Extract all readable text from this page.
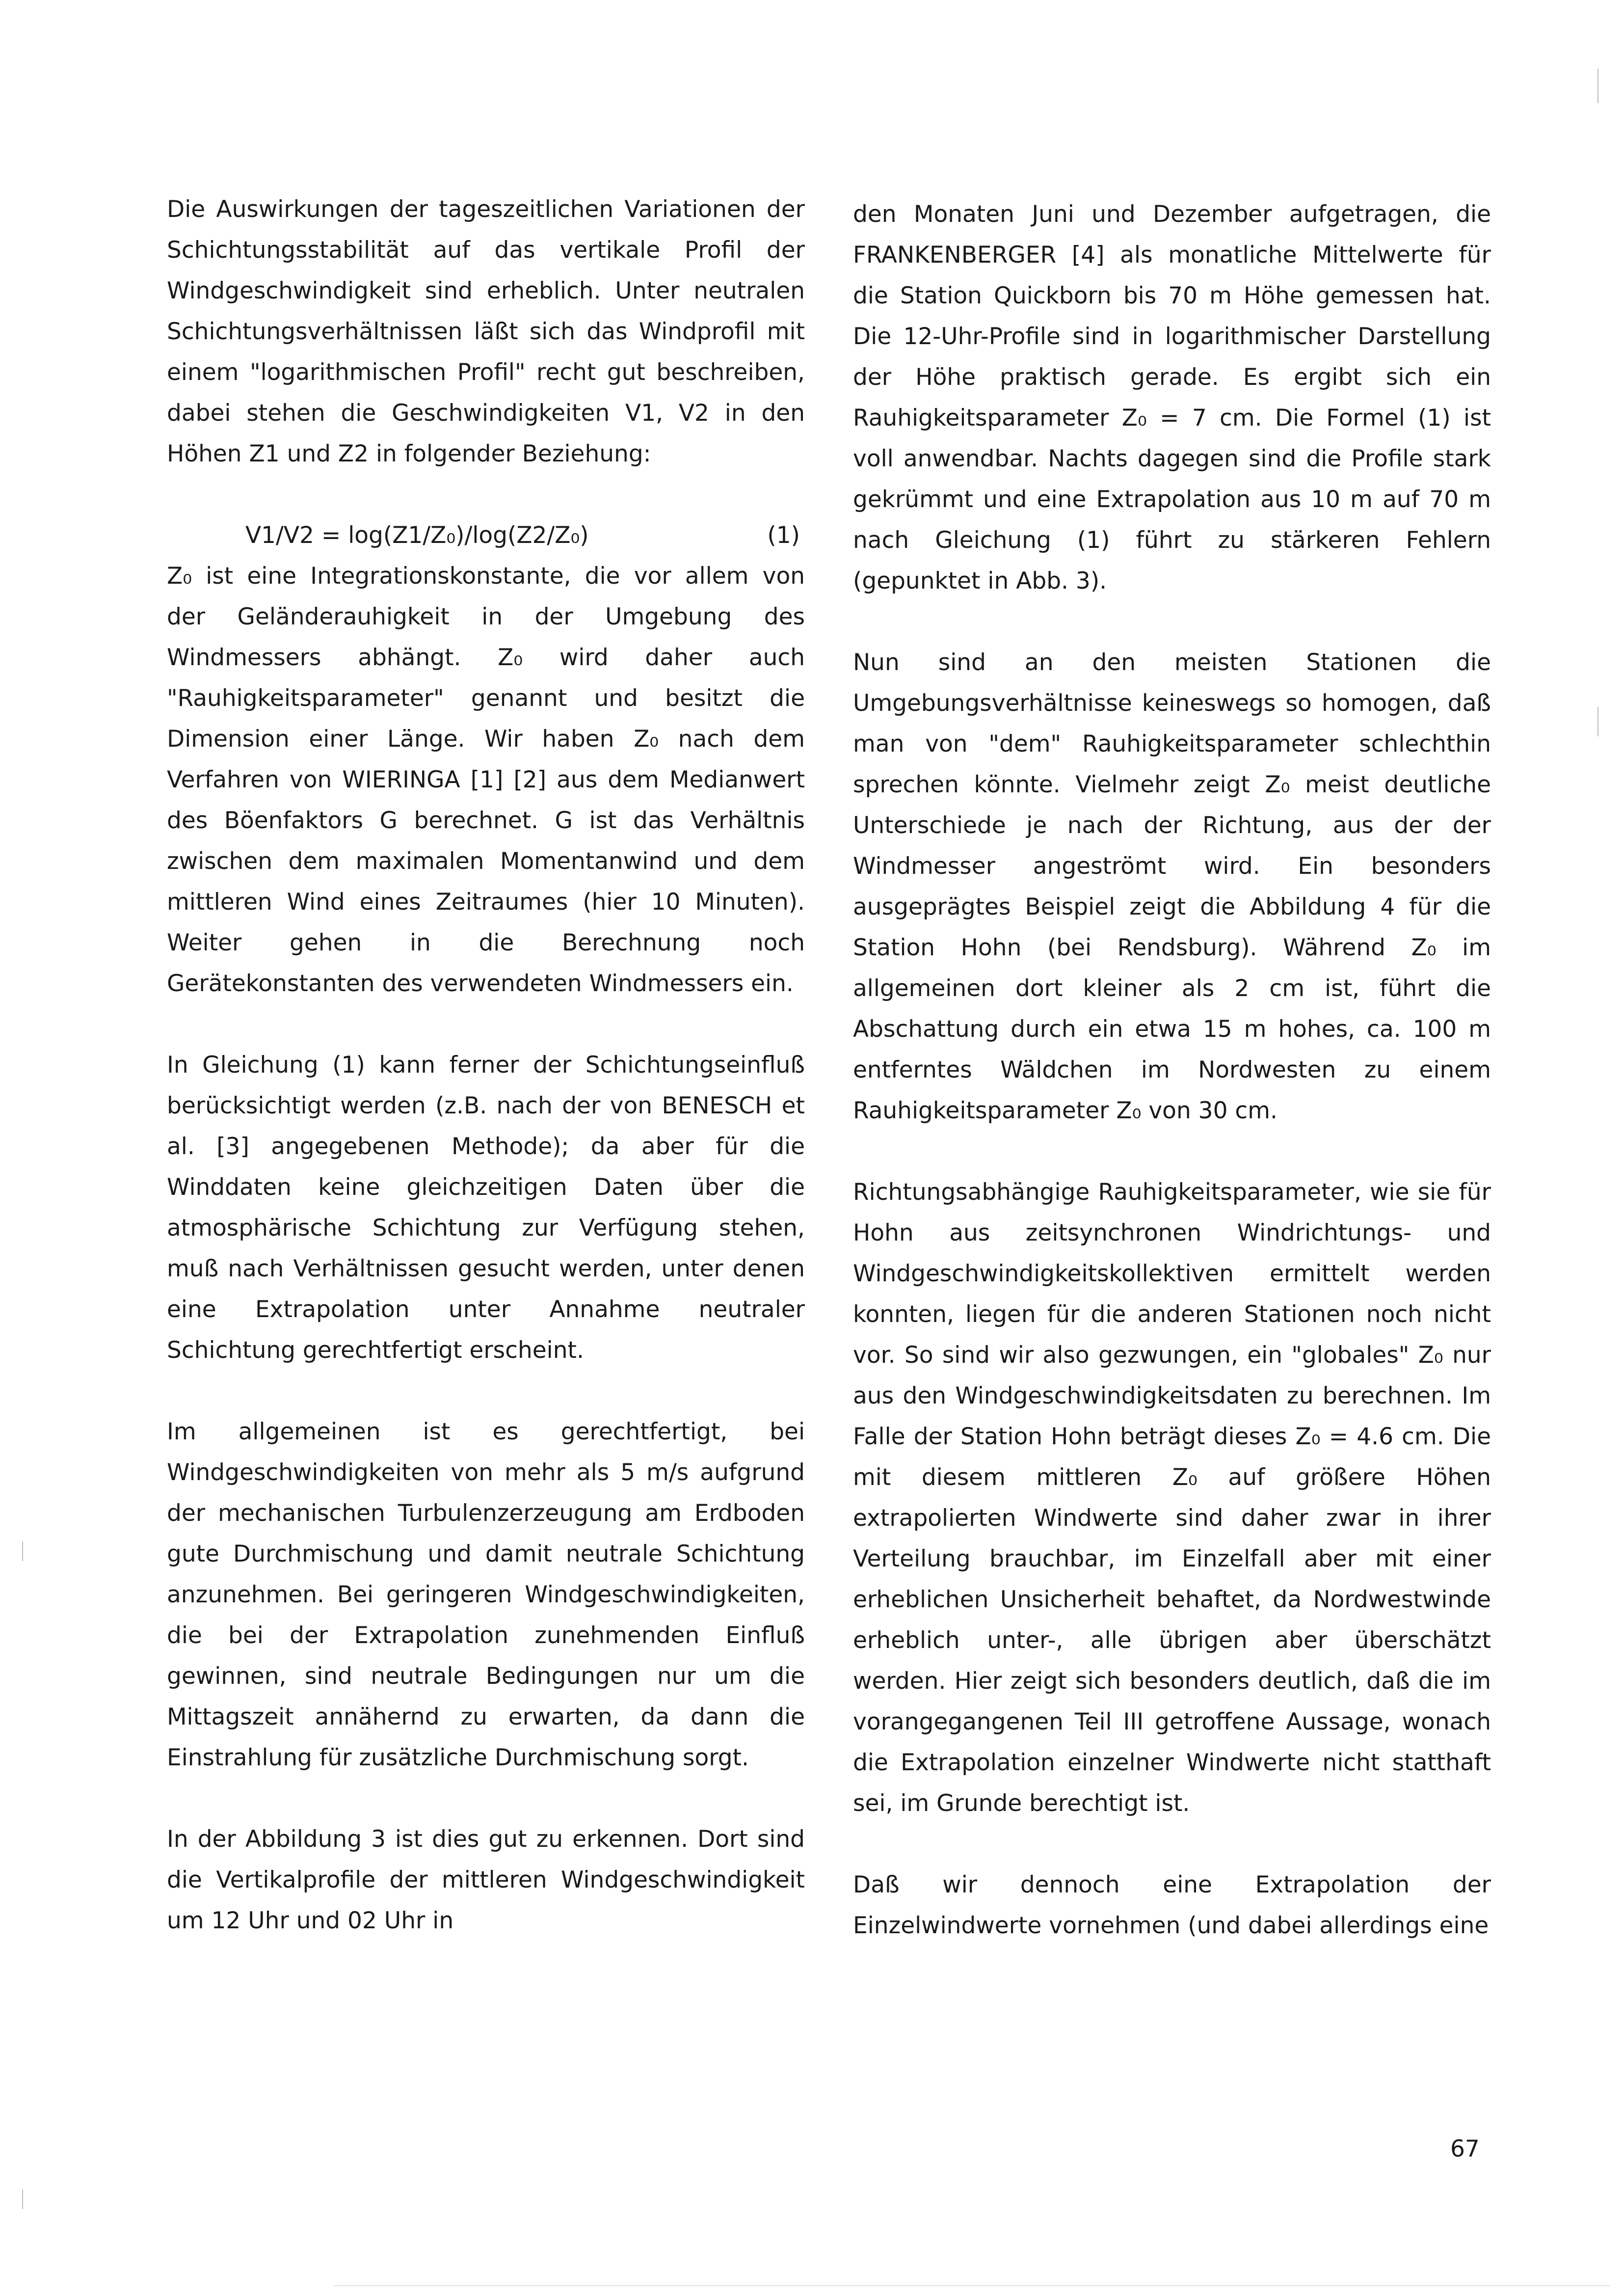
Die Auswirkungen der tageszeitlichen Variationen der Schichtungsstabilität auf das vertikale Profil der Windgeschwindigkeit sind erheblich. Unter neutralen Schichtungsverhältnissen läßt sich das Windprofil mit einem "logarithmischen Profil" recht gut beschreiben, dabei stehen die Geschwindigkeiten V1, V2 in den Höhen Z1 und Z2 in folgender Beziehung:

V1/V2 = log(Z1/Z₀)/log(Z2/Z₀)	(1)

Z₀ ist eine Integrationskonstante, die vor allem von der Geländerauhigkeit in der Umgebung des Windmessers abhängt. Z₀ wird daher auch "Rauhigkeitsparameter" genannt und besitzt die Dimension einer Länge. Wir haben Z₀ nach dem Verfahren von WIERINGA [1] [2] aus dem Medianwert des Böenfaktors G berechnet. G ist das Verhältnis zwischen dem maximalen Momentanwind und dem mittleren Wind eines Zeitraumes (hier 10 Minuten). Weiter gehen in die Berechnung noch Gerätekonstanten des verwendeten Windmessers ein.

In Gleichung (1) kann ferner der Schichtungseinfluß berücksichtigt werden (z.B. nach der von BENESCH et al. [3] angegebenen Methode); da aber für die Winddaten keine gleichzeitigen Daten über die atmosphärische Schichtung zur Verfügung stehen, muß nach Verhältnissen gesucht werden, unter denen eine Extrapolation unter Annahme neutraler Schichtung gerechtfertigt erscheint.

Im allgemeinen ist es gerechtfertigt, bei Windgeschwindigkeiten von mehr als 5 m/s aufgrund der mechanischen Turbulenzerzeugung am Erdboden gute Durchmischung und damit neutrale Schichtung anzunehmen. Bei geringeren Windgeschwindigkeiten, die bei der Extrapolation zunehmenden Einfluß gewinnen, sind neutrale Bedingungen nur um die Mittagszeit annähernd zu erwarten, da dann die Einstrahlung für zusätzliche Durchmischung sorgt.

In der Abbildung 3 ist dies gut zu erkennen. Dort sind die Vertikalprofile der mittleren Windgeschwindigkeit um 12 Uhr und 02 Uhr in

den Monaten Juni und Dezember aufgetragen, die FRANKENBERGER [4] als monatliche Mittelwerte für die Station Quickborn bis 70 m Höhe gemessen hat. Die 12-Uhr-Profile sind in logarithmischer Darstellung der Höhe praktisch gerade. Es ergibt sich ein Rauhigkeitsparameter Z₀ = 7 cm. Die Formel (1) ist voll anwendbar. Nachts dagegen sind die Profile stark gekrümmt und eine Extrapolation aus 10 m auf 70 m nach Gleichung (1) führt zu stärkeren Fehlern (gepunktet in Abb. 3).

Nun sind an den meisten Stationen die Umgebungsverhältnisse keineswegs so homogen, daß man von "dem" Rauhigkeitsparameter schlechthin sprechen könnte. Vielmehr zeigt Z₀ meist deutliche Unterschiede je nach der Richtung, aus der der Windmesser angeströmt wird. Ein besonders ausgeprägtes Beispiel zeigt die Abbildung 4 für die Station Hohn (bei Rendsburg). Während Z₀ im allgemeinen dort kleiner als 2 cm ist, führt die Abschattung durch ein etwa 15 m hohes, ca. 100 m entferntes Wäldchen im Nordwesten zu einem Rauhigkeitsparameter Z₀ von 30 cm.

Richtungsabhängige Rauhigkeitsparameter, wie sie für Hohn aus zeitsynchronen Windrichtungs- und Windgeschwindigkeitskollektiven ermittelt werden konnten, liegen für die anderen Stationen noch nicht vor. So sind wir also gezwungen, ein "globales" Z₀ nur aus den Windgeschwindigkeitsdaten zu berechnen. Im Falle der Station Hohn beträgt dieses Z₀ = 4.6 cm. Die mit diesem mittleren Z₀ auf größere Höhen extrapolierten Windwerte sind daher zwar in ihrer Verteilung brauchbar, im Einzelfall aber mit einer erheblichen Unsicherheit behaftet, da Nordwestwinde erheblich unter-, alle übrigen aber überschätzt werden. Hier zeigt sich besonders deutlich, daß die im vorangegangenen Teil III getroffene Aussage, wonach die Extrapolation einzelner Windwerte nicht statthaft sei, im Grunde berechtigt ist.

Daß wir dennoch eine Extrapolation der Einzelwindwerte vornehmen (und dabei allerdings eine

67
